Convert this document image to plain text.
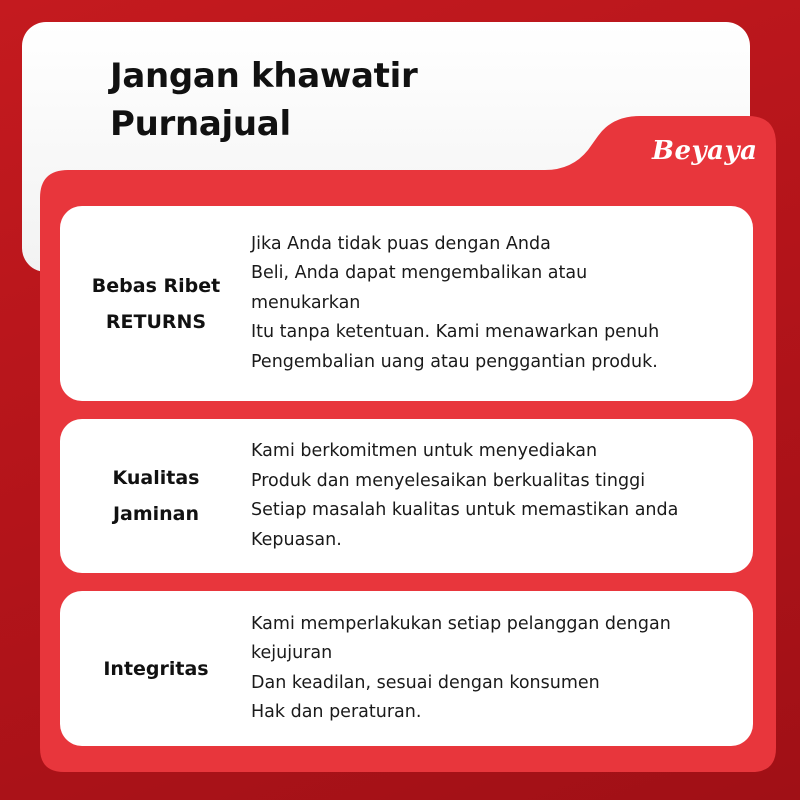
Jangan khawatir
Purnajual
Beyaya
Bebas Ribet
RETURNS
Jika Anda tidak puas dengan Anda
Beli, Anda dapat mengembalikan atau
menukarkan
Itu tanpa ketentuan. Kami menawarkan penuh
Pengembalian uang atau penggantian produk.
Kualitas
Jaminan
Kami berkomitmen untuk menyediakan
Produk dan menyelesaikan berkualitas tinggi
Setiap masalah kualitas untuk memastikan anda
Kepuasan.
Integritas
Kami memperlakukan setiap pelanggan dengan
kejujuran
Dan keadilan, sesuai dengan konsumen
Hak dan peraturan.
